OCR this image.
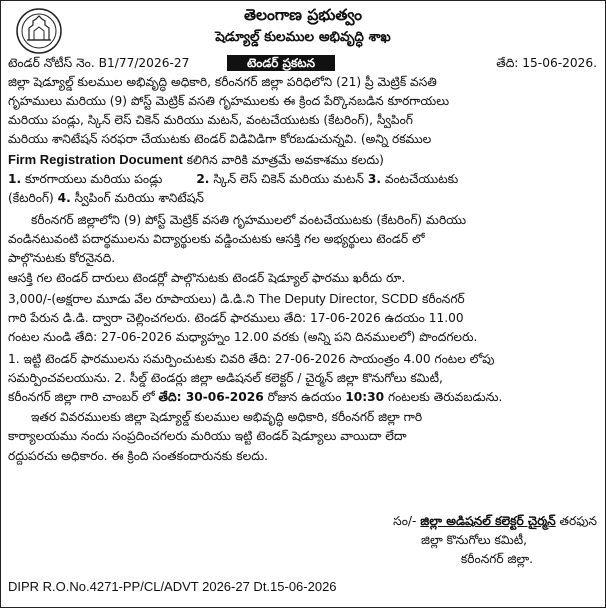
తెలంగాణ ప్రభుత్వం
షెడ్యూల్డ్ కులముల అభివృద్ధి శాఖ
టెండర్ ప్రకటన
టెండర్ నోటీస్ నెం. B1/77/2026-27	తేది: 15-06-2026.
జిల్లా షెడ్యూల్డ్ కులముల అభివృద్ధి అధికారి, కరీంనగర్ జిల్లా పరిధిలోని (21) ప్రీ మెట్రిక్ వసతి
గృహములు మరియు (9) పోస్ట్ మెట్రిక్ వసతి గృహములకు ఈ క్రింద పేర్కొనబడిన కూరగాయలు
మరియు పండ్లు, స్కిన్ లెస్ చికెన్ మరియు మటన్, వంటచేయుటకు (కేటరింగ్), స్వీపింగ్
మరియు శానిటేషన్ సరఫరా చేయుటకు టెండర్ విడివిడిగా కోరబడుచున్నవి. (అన్ని రకముల
Firm Registration Document కలిగిన వారికి మాత్రమే అవకాశము కలదు)
1. కూరగాయలు మరియు పండ్లు	2. స్కిన్ లెస్ చికెన్ మరియు మటన్ 3. వంటచేయుటకు
(కేటరింగ్) 4. స్వీపింగ్ మరియు శానిటేషన్
కరీంనగర్ జిల్లాలోని (9) పోస్ట్ మెట్రిక్ వసతి గృహములలో వంటచేయుటకు (కేటరింగ్) మరియు
వండినటువంటి పదార్థములను విద్యార్థులకు వడ్డించుటకు ఆసక్తి గల అభ్యర్థులు టెండర్ లో
పాల్గొనుటకు కోరనైనది.
ఆసక్తి గల టెండర్ దారులు టెండర్లో పాల్గొనుటకు టెండర్ షెడ్యూల్ ఫారము ఖరీదు రూ.
3,000/-(అక్షరాల మూడు వేల రూపాయలు) డి.డి.ని The Deputy Director, SCDD కరీంనగర్
గారి పేరున డి.డి. ద్వారా చెల్లించగలరు. టెండర్ ఫారములు తేది: 17-06-2026 ఉదయం 11.00
గంటల నుండి తేది: 27-06-2026 మధ్యాహ్నం 12.00 వరకు (అన్ని పని దినములలో) పొందగలరు.
1. ఇట్టి టెండర్ ఫారములను సమర్పించుటకు చివరి తేది: 27-06-2026 సాయంత్రం 4.00 గంటల లోపు
సమర్పించవలయును. 2. సీల్డ్ టెండర్లు జిల్లా అడిషనల్ కలెక్టర్ / చైర్మన్ జిల్లా కొనుగోలు కమిటీ,
కరీంనగర్ జిల్లా గారి చాంబర్ లో తేది: 30-06-2026 రోజున ఉదయం 10:30 గంటలకు తెరువబడును.
ఇతర వివరములకు జిల్లా షెడ్యూల్డ్ కులముల అభివృద్ధి అధికారి, కరీంనగర్ జిల్లా గారి
కార్యాలయము నందు సంప్రదించగలరు మరియు ఇట్టి టెండర్ షెడ్యూలు వాయిదా లేదా
రద్దుపరచు అధికారం. ఈ క్రింది సంతకందారునకు కలదు.
సం/- జిల్లా అడిషనల్ కలెక్టర్ చైర్మన్ తరఫున
జిల్లా కొనుగోలు కమిటీ,
కరీంనగర్ జిల్లా.
DIPR R.O.No.4271-PP/CL/ADVT 2026-27 Dt.15-06-2026
